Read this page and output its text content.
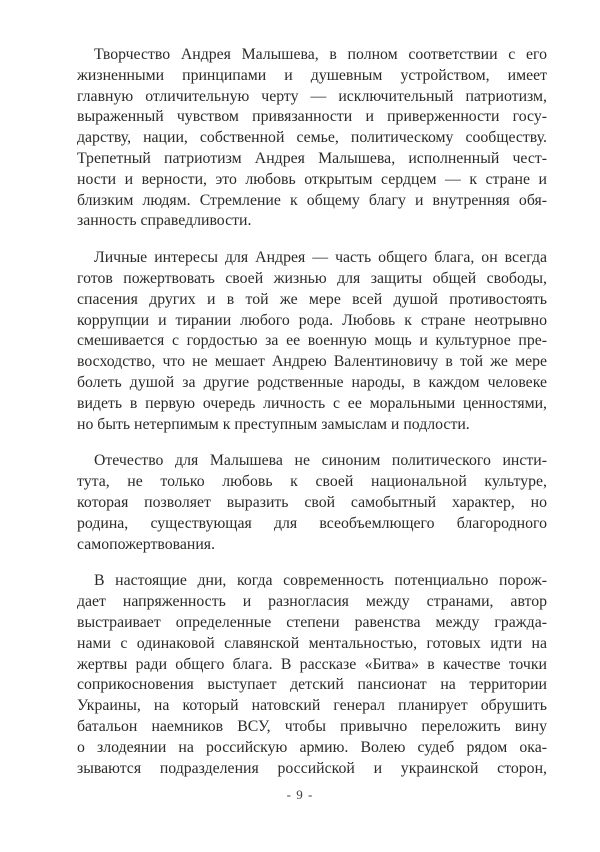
Творчество Андрея Малышева, в полном соответствии с его
жизненными принципами и душевным устройством, имеет
главную отличительную черту — исключительный патриотизм,
выраженный чувством привязанности и приверженности госу-
дарству, нации, собственной семье, политическому сообществу.
Трепетный патриотизм Андрея Малышева, исполненный чест-
ности и верности, это любовь открытым сердцем — к стране и
близким людям. Стремление к общему благу и внутренняя обя-
занность справедливости.
Личные интересы для Андрея — часть общего блага, он всегда
готов пожертвовать своей жизнью для защиты общей свободы,
спасения других и в той же мере всей душой противостоять
коррупции и тирании любого рода. Любовь к стране неотрывно
смешивается с гордостью за ее военную мощь и культурное пре-
восходство, что не мешает Андрею Валентиновичу в той же мере
болеть душой за другие родственные народы, в каждом человеке
видеть в первую очередь личность с ее моральными ценностями,
но быть нетерпимым к преступным замыслам и подлости.
Отечество для Малышева не синоним политического инсти-
тута, не только любовь к своей национальной культуре,
которая позволяет выразить свой самобытный характер, но
родина, существующая для всеобъемлющего благородного
самопожертвования.
В настоящие дни, когда современность потенциально порож-
дает напряженность и разногласия между странами, автор
выстраивает определенные степени равенства между гражда-
нами с одинаковой славянской ментальностью, готовых идти на
жертвы ради общего блага. В рассказе «Битва» в качестве точки
соприкосновения выступает детский пансионат на территории
Украины, на который натовский генерал планирует обрушить
батальон наемников ВСУ, чтобы привычно переложить вину
о злодеянии на российскую армию. Волею судеб рядом ока-
зываются подразделения российской и украинской сторон,
- 9 -
